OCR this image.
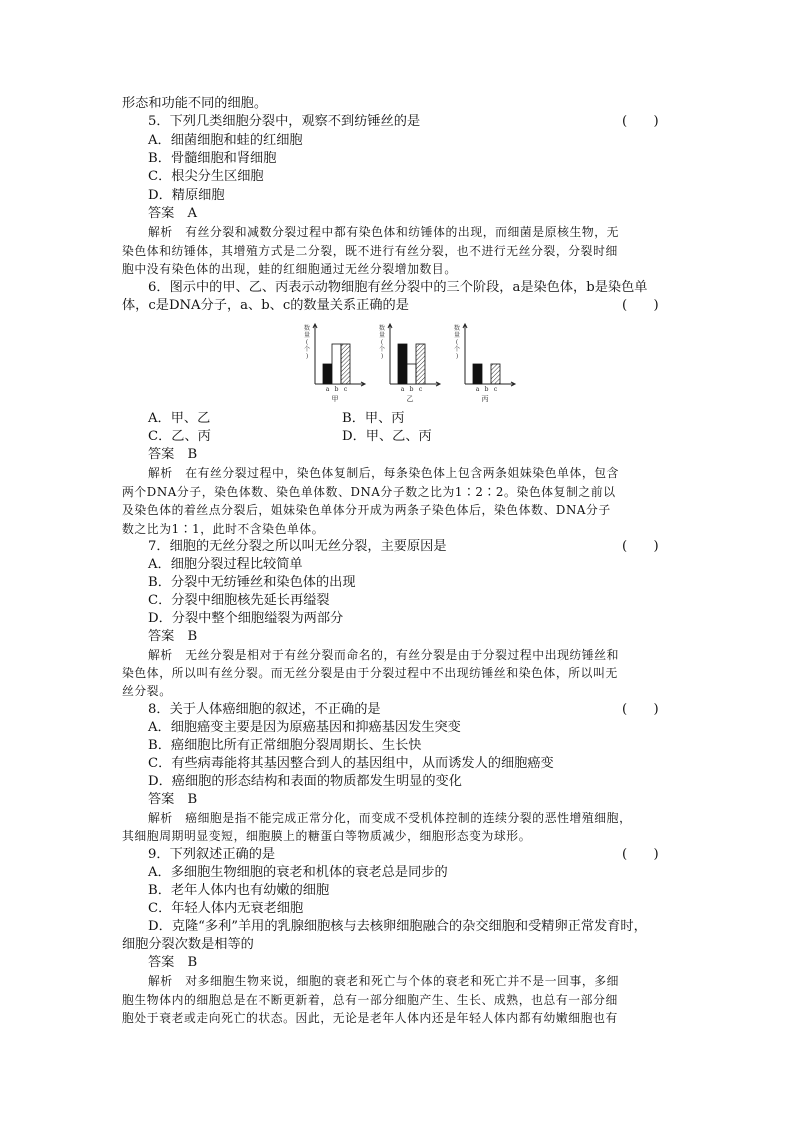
形态和功能不同的细胞。
5．下列几类细胞分裂中，观察不到纺锤丝的是	(　　)
A．细菌细胞和蛙的红细胞
B．骨髓细胞和肾细胞
C．根尖分生区细胞
D．精原细胞
答案　A
解析　有丝分裂和减数分裂过程中都有染色体和纺锤体的出现，而细菌是原核生物，无
染色体和纺锤体，其增殖方式是二分裂，既不进行有丝分裂，也不进行无丝分裂，分裂时细
胞中没有染色体的出现，蛙的红细胞通过无丝分裂增加数目。
6．图示中的甲、乙、丙表示动物细胞有丝分裂中的三个阶段，a是染色体，b是染色单
体，c是DNA分子，a、b、c的数量关系正确的是	(　　)
数
量
(
个
)
a b c
甲
数
量
(
个
)
a b c
乙
数
量
(
个
)
a b c
丙
A．甲、乙	B．甲、丙
C．乙、丙	D．甲、乙、丙
答案　B
解析　在有丝分裂过程中，染色体复制后，每条染色体上包含两条姐妹染色单体，包含
两个DNA分子，染色体数、染色单体数、DNA分子数之比为1∶2∶2。染色体复制之前以
及染色体的着丝点分裂后，姐妹染色单体分开成为两条子染色体后，染色体数、DNA分子
数之比为1∶1，此时不含染色单体。
7．细胞的无丝分裂之所以叫无丝分裂，主要原因是	(　　)
A．细胞分裂过程比较简单
B．分裂中无纺锤丝和染色体的出现
C．分裂中细胞核先延长再缢裂
D．分裂中整个细胞缢裂为两部分
答案　B
解析　无丝分裂是相对于有丝分裂而命名的，有丝分裂是由于分裂过程中出现纺锤丝和
染色体，所以叫有丝分裂。而无丝分裂是由于分裂过程中不出现纺锤丝和染色体，所以叫无
丝分裂。
8．关于人体癌细胞的叙述，不正确的是	(　　)
A．细胞癌变主要是因为原癌基因和抑癌基因发生突变
B．癌细胞比所有正常细胞分裂周期长、生长快
C．有些病毒能将其基因整合到人的基因组中，从而诱发人的细胞癌变
D．癌细胞的形态结构和表面的物质都发生明显的变化
答案　B
解析　癌细胞是指不能完成正常分化，而变成不受机体控制的连续分裂的恶性增殖细胞，
其细胞周期明显变短，细胞膜上的糖蛋白等物质减少，细胞形态变为球形。
9．下列叙述正确的是	(　　)
A．多细胞生物细胞的衰老和机体的衰老总是同步的
B．老年人体内也有幼嫩的细胞
C．年轻人体内无衰老细胞
D．克隆“多利”羊用的乳腺细胞核与去核卵细胞融合的杂交细胞和受精卵正常发育时，
细胞分裂次数是相等的
答案　B
解析　对多细胞生物来说，细胞的衰老和死亡与个体的衰老和死亡并不是一回事，多细
胞生物体内的细胞总是在不断更新着，总有一部分细胞产生、生长、成熟，也总有一部分细
胞处于衰老或走向死亡的状态。因此，无论是老年人体内还是年轻人体内都有幼嫩细胞也有
